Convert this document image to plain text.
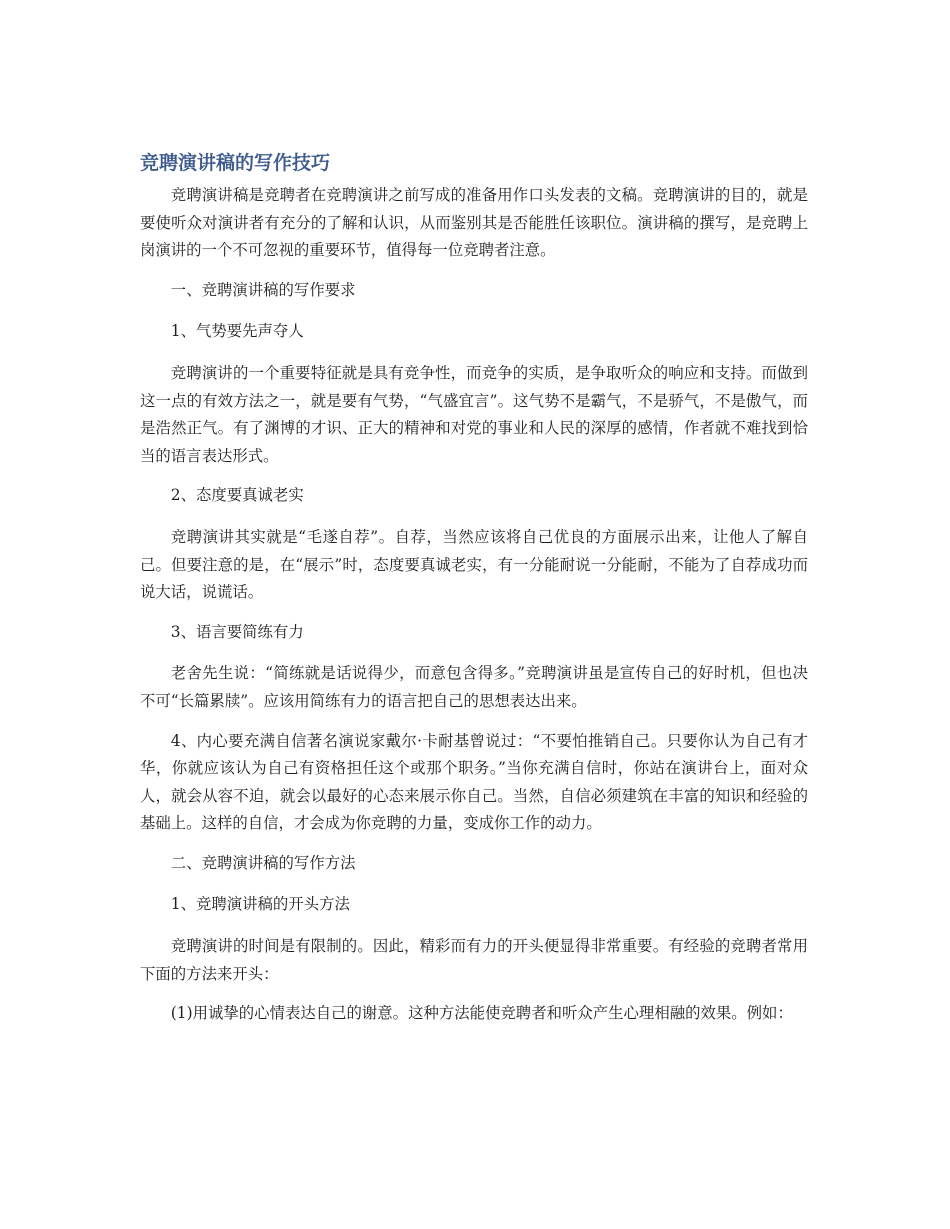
竞聘演讲稿的写作技巧

竞聘演讲稿是竞聘者在竞聘演讲之前写成的准备用作口头发表的文稿。竞聘演讲的目的，就是要使听众对演讲者有充分的了解和认识，从而鉴别其是否能胜任该职位。演讲稿的撰写，是竞聘上岗演讲的一个不可忽视的重要环节，值得每一位竞聘者注意。

一、竞聘演讲稿的写作要求

1、气势要先声夺人

竞聘演讲的一个重要特征就是具有竞争性，而竞争的实质，是争取听众的响应和支持。而做到这一点的有效方法之一，就是要有气势，“气盛宜言”。这气势不是霸气，不是骄气，不是傲气，而是浩然正气。有了渊博的才识、正大的精神和对党的事业和人民的深厚的感情，作者就不难找到恰当的语言表达形式。

2、态度要真诚老实

竞聘演讲其实就是“毛遂自荐”。自荐，当然应该将自己优良的方面展示出来，让他人了解自己。但要注意的是，在“展示”时，态度要真诚老实，有一分能耐说一分能耐，不能为了自荐成功而说大话，说谎话。

3、语言要简练有力

老舍先生说：“简练就是话说得少，而意包含得多。”竞聘演讲虽是宣传自己的好时机，但也决不可“长篇累牍”。应该用简练有力的语言把自己的思想表达出来。

4、内心要充满自信著名演说家戴尔·卡耐基曾说过：“不要怕推销自己。只要你认为自己有才华，你就应该认为自己有资格担任这个或那个职务。”当你充满自信时，你站在演讲台上，面对众人，就会从容不迫，就会以最好的心态来展示你自己。当然，自信必须建筑在丰富的知识和经验的基础上。这样的自信，才会成为你竞聘的力量，变成你工作的动力。

二、竞聘演讲稿的写作方法

1、竞聘演讲稿的开头方法

竞聘演讲的时间是有限制的。因此，精彩而有力的开头便显得非常重要。有经验的竞聘者常用下面的方法来开头：

(1)用诚挚的心情表达自己的谢意。这种方法能使竞聘者和听众产生心理相融的效果。例如：
